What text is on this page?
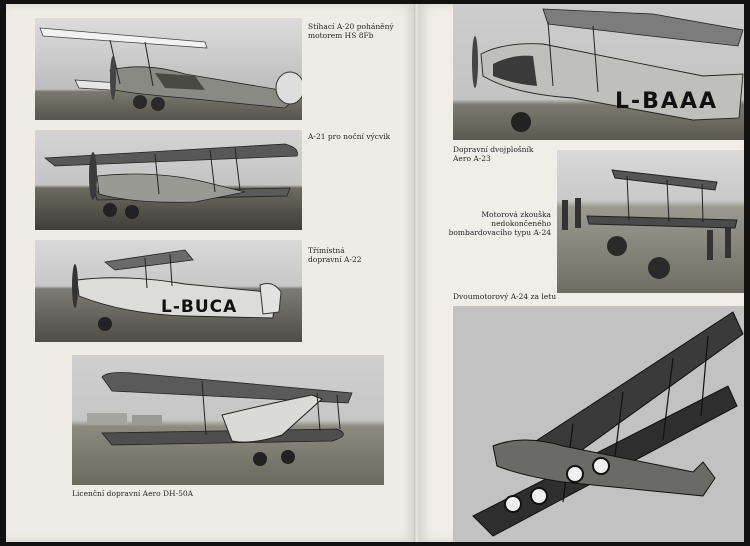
Stíhací A-20 poháněný
motorem HS 8Fb
A-21 pro noční výcvik
L-BUCA
Třímístná
dopravní A-22
Licenční dopravní Aero DH-50A
L-BAAA
Dopravní dvojplošník
Aero A-23
Motorová zkouška
nedokončeného
bombardovacího typu A-24
Dvoumotorový A-24 za letu
